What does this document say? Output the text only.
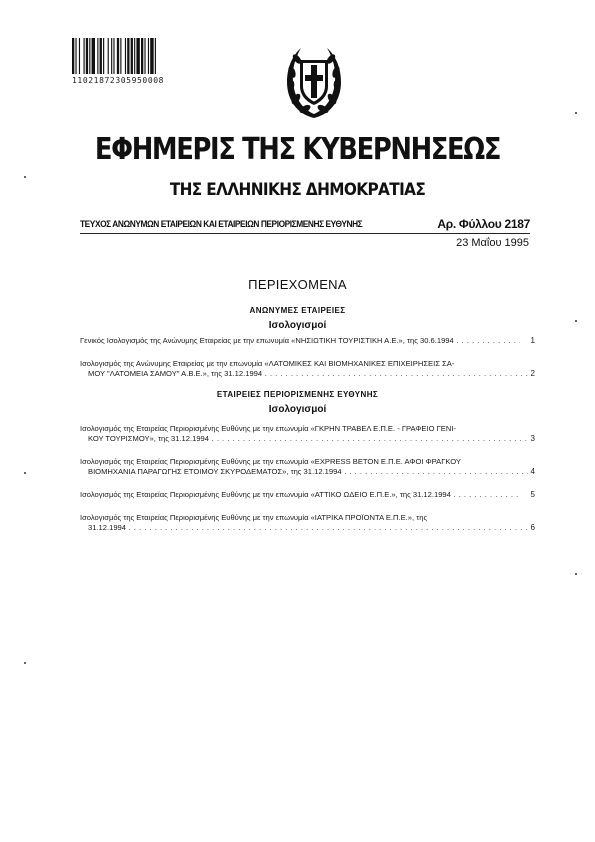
11021872305950008
ΕΦΗΜΕΡΙΣ ΤΗΣ ΚΥΒΕΡΝΗΣΕΩΣ
ΤΗΣ ΕΛΛΗΝΙΚΗΣ ΔΗΜΟΚΡΑΤΙΑΣ
ΤΕΥΧΟΣ ΑΝΩΝΥΜΩΝ ΕΤΑΙΡΕΙΩΝ ΚΑΙ ΕΤΑΙΡΕΙΩΝ ΠΕΡΙΟΡΙΣΜΕΝΗΣ ΕΥΘΥΝΗΣ	Αρ. Φύλλου 2187
23 Μαΐου 1995
ΠΕΡΙΕΧΟΜΕΝΑ
ΑΝΩΝΥΜΕΣ ΕΤΑΙΡΕΙΕΣ
Ισολογισμοί
Γενικός Ισολογισμός της Ανώνυμης Εταιρείας με την επωνυμία «ΝΗΣΙΩΤΙΚΗ ΤΟΥΡΙΣΤΙΚΗ Α.Ε.», της 30.6.1994 . . .	1
Ισολογισμός της Ανώνυμης Εταιρείας με την επωνυμία «ΛΑΤΟΜΙΚΕΣ ΚΑΙ ΒΙΟΜΗΧΑΝΙΚΕΣ ΕΠΙΧΕΙΡΗΣΕΙΣ ΣΑ-
ΜΟΥ "ΛΑΤΟΜΕΙΑ ΣΑΜΟΥ" Α.Β.Ε.», της 31.12.1994 . . .	2
ΕΤΑΙΡΕΙΕΣ ΠΕΡΙΟΡΙΣΜΕΝΗΣ ΕΥΘΥΝΗΣ
Ισολογισμοί
Ισολογισμός της Εταιρείας Περιορισμένης Ευθύνης με την επωνυμία «ΓΚΡΗΝ ΤΡΑΒΕΛ Ε.Π.Ε. - ΓΡΑΦΕΙΟ ΓΕΝΙ-
ΚΟΥ ΤΟΥΡΙΣΜΟΥ», της 31.12.1994 . . .	3
Ισολογισμός της Εταιρείας Περιορισμένης Ευθύνης με την επωνυμία «EXPRESS ΒΕΤΟΝ Ε.Π.Ε. ΑΦΟΙ ΦΡΑΓΚΟΥ
ΒΙΟΜΗΧΑΝΙΑ ΠΑΡΑΓΩΓΗΣ ΕΤΟΙΜΟΥ ΣΚΥΡΟΔΕΜΑΤΟΣ», της 31.12.1994 . . .	4
Ισολογισμός της Εταιρείας Περιορισμένης Ευθύνης με την επωνυμία «ΑΤΤΙΚΟ ΩΔΕΙΟ Ε.Π.Ε.», της 31.12.1994 . . .	5
Ισολογισμός της Εταιρείας Περιορισμένης Ευθύνης με την επωνυμία «ΙΑΤΡΙΚΑ ΠΡΟΪΟΝΤΑ Ε.Π.Ε.», της
31.12.1994 . . .	6
